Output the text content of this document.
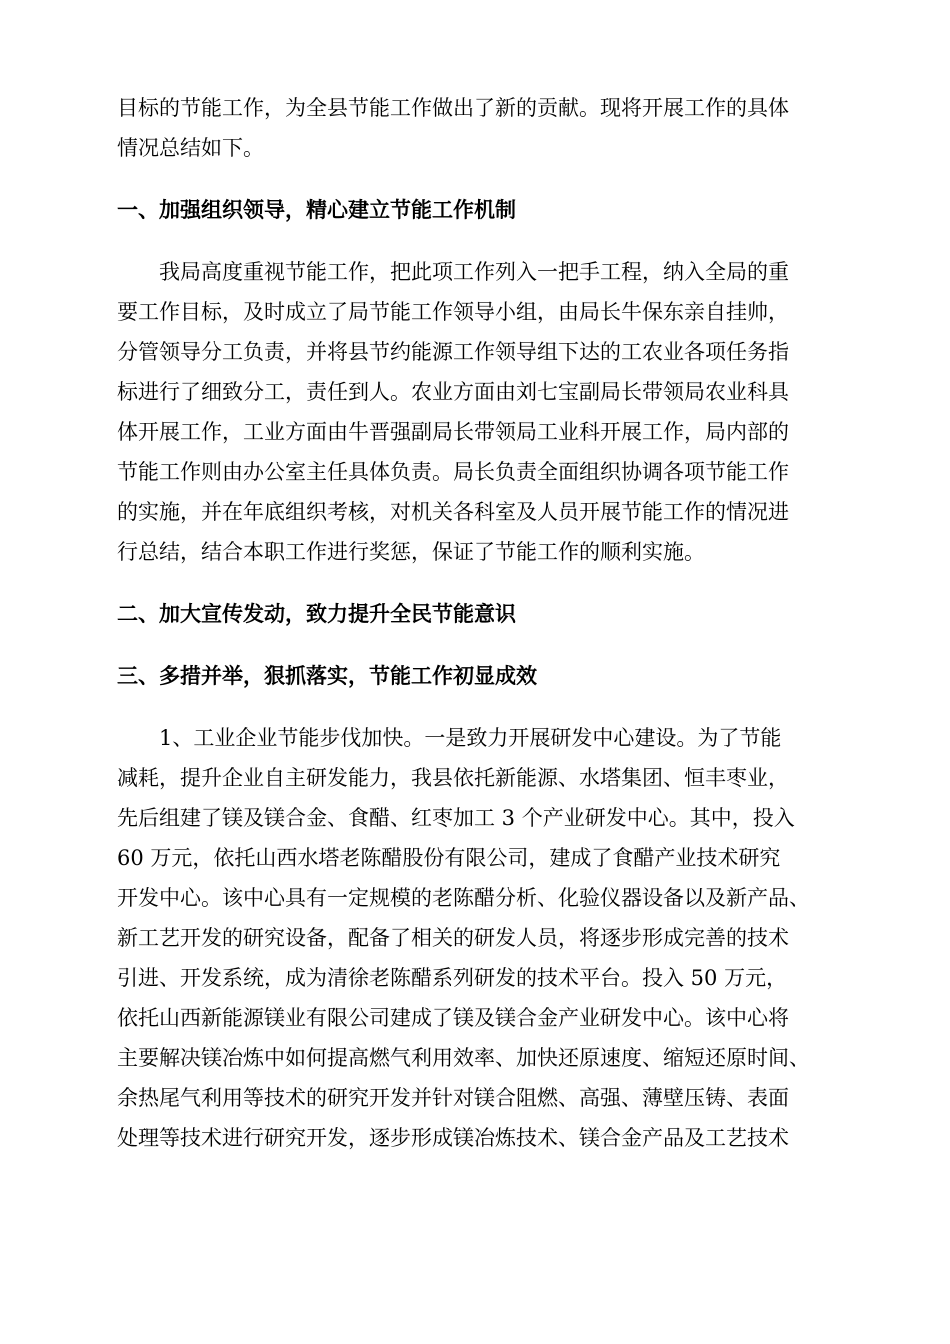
目标的节能工作，为全县节能工作做出了新的贡献。现将开展工作的具体
情况总结如下。
一、加强组织领导，精心建立节能工作机制
我局高度重视节能工作，把此项工作列入一把手工程，纳入全局的重
要工作目标，及时成立了局节能工作领导小组，由局长牛保东亲自挂帅，
分管领导分工负责，并将县节约能源工作领导组下达的工农业各项任务指
标进行了细致分工，责任到人。农业方面由刘七宝副局长带领局农业科具
体开展工作，工业方面由牛晋强副局长带领局工业科开展工作，局内部的
节能工作则由办公室主任具体负责。局长负责全面组织协调各项节能工作
的实施，并在年底组织考核，对机关各科室及人员开展节能工作的情况进
行总结，结合本职工作进行奖惩，保证了节能工作的顺利实施。
二、加大宣传发动，致力提升全民节能意识
三、多措并举，狠抓落实，节能工作初显成效
1、工业企业节能步伐加快。一是致力开展研发中心建设。为了节能
减耗，提升企业自主研发能力，我县依托新能源、水塔集团、恒丰枣业，
先后组建了镁及镁合金、食醋、红枣加工 3 个产业研发中心。其中，投入
60 万元，依托山西水塔老陈醋股份有限公司，建成了食醋产业技术研究
开发中心。该中心具有一定规模的老陈醋分析、化验仪器设备以及新产品、
新工艺开发的研究设备，配备了相关的研发人员，将逐步形成完善的技术
引进、开发系统，成为清徐老陈醋系列研发的技术平台。投入 50 万元，
依托山西新能源镁业有限公司建成了镁及镁合金产业研发中心。该中心将
主要解决镁冶炼中如何提高燃气利用效率、加快还原速度、缩短还原时间、
余热尾气利用等技术的研究开发并针对镁合阻燃、高强、薄壁压铸、表面
处理等技术进行研究开发，逐步形成镁冶炼技术、镁合金产品及工艺技术
